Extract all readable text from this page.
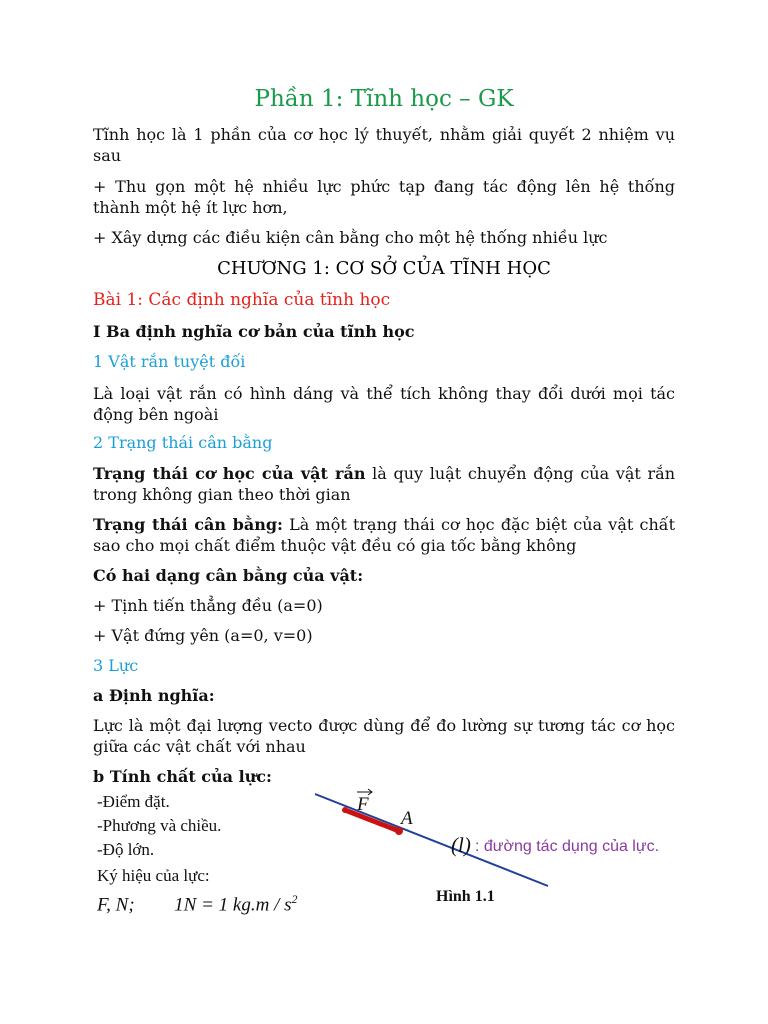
Phần 1: Tĩnh học – GK

Tĩnh học là 1 phần của cơ học lý thuyết, nhằm giải quyết 2 nhiệm vụ sau

+ Thu gọn một hệ nhiều lực phức tạp đang tác động lên hệ thống thành một hệ ít lực hơn,

+ Xây dựng các điều kiện cân bằng cho một hệ thống nhiều lực

CHƯƠNG 1: CƠ SỞ CỦA TĨNH HỌC
Bài 1: Các định nghĩa của tĩnh học
I Ba định nghĩa cơ bản của tĩnh học
1 Vật rắn tuyệt đối

Là loại vật rắn có hình dáng và thể tích không thay đổi dưới mọi tác động bên ngoài

2 Trạng thái cân bằng

Trạng thái cơ học của vật rắn là quy luật chuyển động của vật rắn trong không gian theo thời gian

Trạng thái cân bằng: Là một trạng thái cơ học đặc biệt của vật chất sao cho mọi chất điểm thuộc vật đều có gia tốc bằng không

Có hai dạng cân bằng của vật:

+ Tịnh tiến thẳng đều (a=0)

+ Vật đứng yên (a=0, v=0)

3 Lực
a Định nghĩa:

Lực là một đại lượng vecto được dùng để đo lường sự tương tác cơ học giữa các vật chất với nhau

b Tính chất của lực:
-Điểm đặt.
-Phương và chiều.
-Độ lớn.
Ký hiệu của lực:
F, N; 1N = 1 $kg.m / s^2$
F
A
(l) : đường tác dụng của lực.
Hình 1.1
